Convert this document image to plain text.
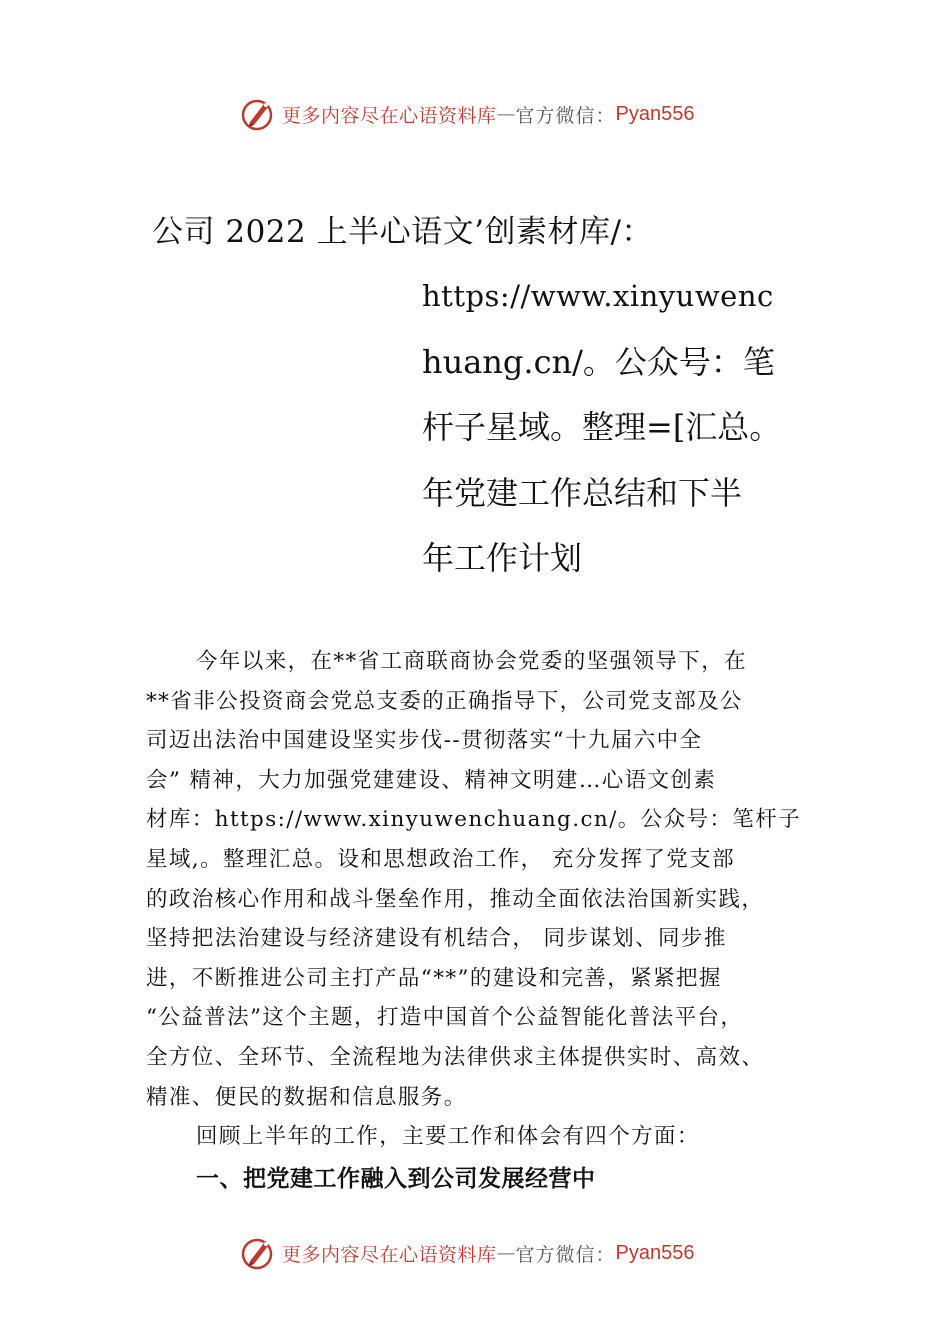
更多内容尽在心语资料库 — 官方微信： Pyan556
公司 2022 上半心语文’创素材库/：
https://www.xinyuwenc
huang.cn/。公众号：笔
杆子星域。整理=[汇总。
年党建工作总结和下半
年工作计划
今年以来，在**省工商联商协会党委的坚强领导下，在
**省非公投资商会党总支委的正确指导下，公司党支部及公
司迈出法治中国建设坚实步伐--贯彻落实“十九届六中全
会” 精神，大力加强党建建设、精神文明建…心语文创素
材库：https://www.xinyuwenchuang.cn/。公众号：笔杆子
星域,。整理汇总。设和思想政治工作， 充分发挥了党支部
的政治核心作用和战斗堡垒作用，推动全面依法治国新实践，
坚持把法治建设与经济建设有机结合， 同步谋划、同步推
进，不断推进公司主打产品“**”的建设和完善，紧紧把握
“公益普法”这个主题，打造中国首个公益智能化普法平台，
全方位、全环节、全流程地为法律供求主体提供实时、高效、
精准、便民的数据和信息服务。
回顾上半年的工作，主要工作和体会有四个方面：
一、把党建工作融入到公司发展经营中
更多内容尽在心语资料库 — 官方微信： Pyan556
